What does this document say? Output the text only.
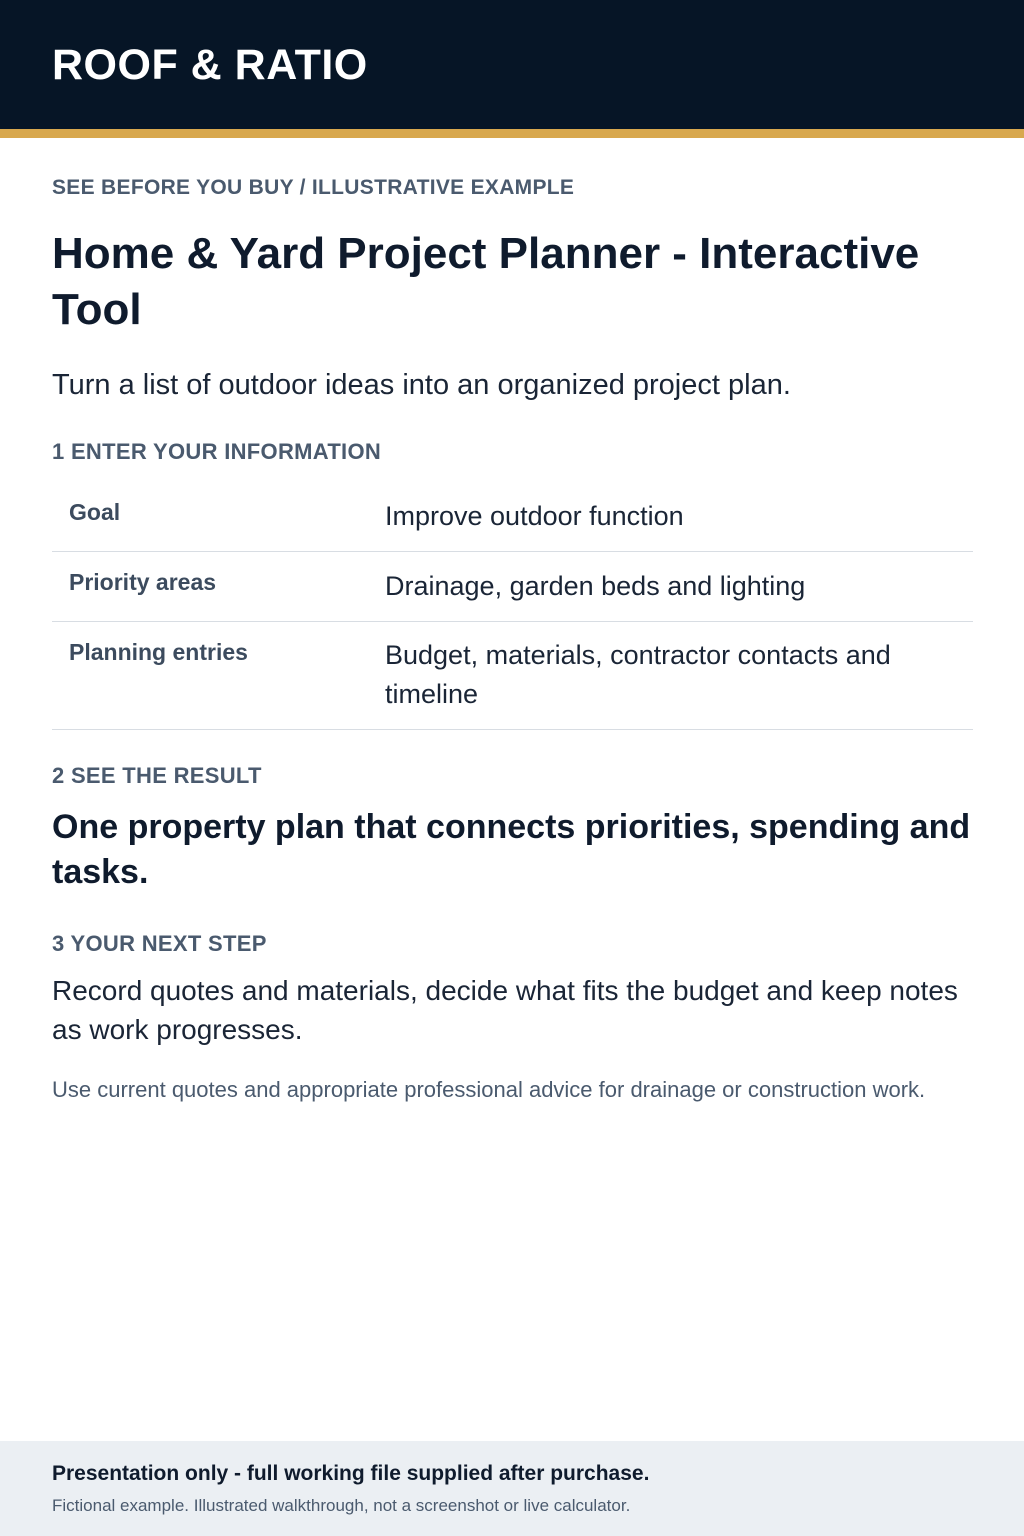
ROOF & RATIO
SEE BEFORE YOU BUY / ILLUSTRATIVE EXAMPLE
Home & Yard Project Planner - Interactive Tool
Turn a list of outdoor ideas into an organized project plan.
1 ENTER YOUR INFORMATION
Goal	Improve outdoor function
Priority areas	Drainage, garden beds and lighting
Planning entries	Budget, materials, contractor contacts and timeline
2 SEE THE RESULT
One property plan that connects priorities, spending and tasks.
3 YOUR NEXT STEP
Record quotes and materials, decide what fits the budget and keep notes as work progresses.
Use current quotes and appropriate professional advice for drainage or construction work.
Presentation only - full working file supplied after purchase.
Fictional example. Illustrated walkthrough, not a screenshot or live calculator.
